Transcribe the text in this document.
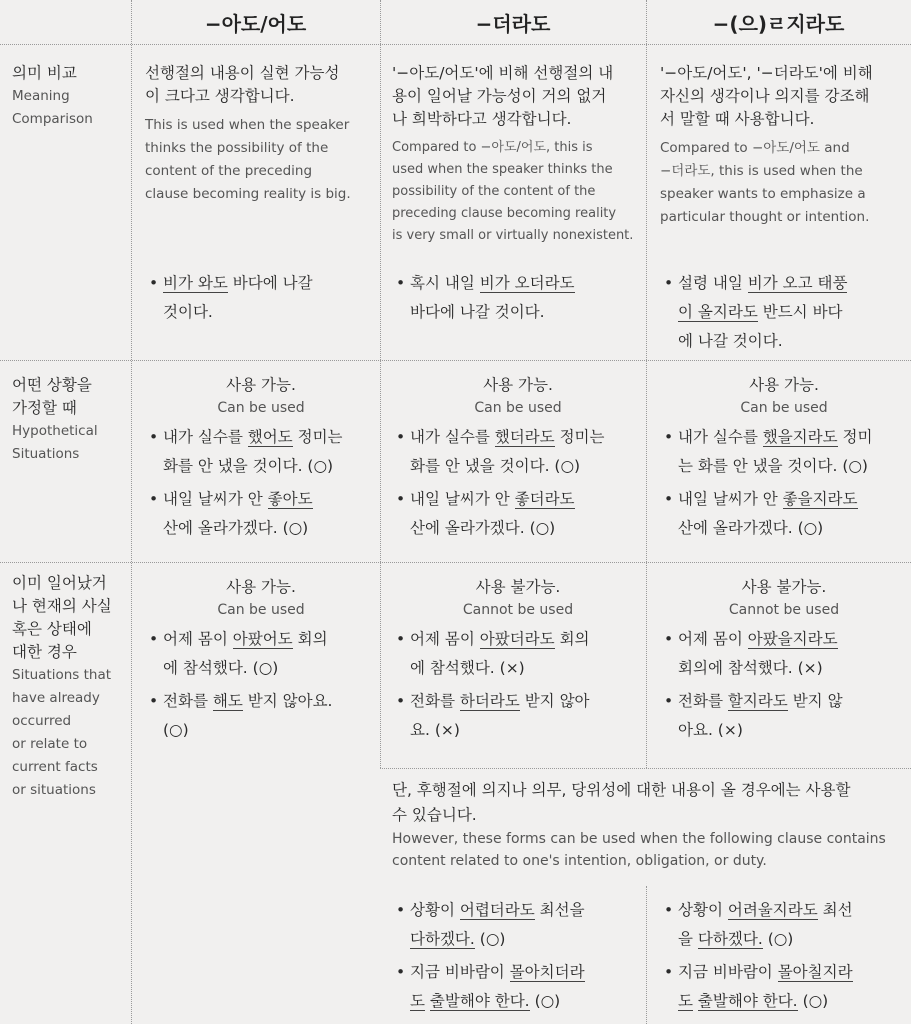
−아도/어도	−더라도	−(으)ㄹ지라도

의미 비교

Meaning

Comparison

선행절의 내용이 실현 가능성

이 크다고 생각합니다.

This is used when the speaker

thinks the possibility of the

content of the preceding

clause becoming reality is big.

• 비가 와도 바다에 나갈
것이다.

'−아도/어도'에 비해 선행절의 내

용이 일어날 가능성이 거의 없거

나 희박하다고 생각합니다.

Compared to −아도/어도, this is

used when the speaker thinks the

possibility of the content of the

preceding clause becoming reality

is very small or virtually nonexistent.

• 혹시 내일 비가 오더라도
바다에 나갈 것이다.

'−아도/어도', '−더라도'에 비해

자신의 생각이나 의지를 강조해

서 말할 때 사용합니다.

Compared to −아도/어도 and

−더라도, this is used when the

speaker wants to emphasize a

particular thought or intention.

• 설령 내일 비가 오고 태풍
이 올지라도 반드시 바다
에 나갈 것이다.

어떤 상황을

가정할 때

Hypothetical

Situations

사용 가능.

Can be used

• 내가 실수를 했어도 정미는
화를 안 냈을 것이다. (○)

• 내일 날씨가 안 좋아도
산에 올라가겠다. (○)

사용 가능.

Can be used

• 내가 실수를 했더라도 정미는
화를 안 냈을 것이다. (○)

• 내일 날씨가 안 좋더라도
산에 올라가겠다. (○)

사용 가능.

Can be used

• 내가 실수를 했을지라도 정미
는 화를 안 냈을 것이다. (○)

• 내일 날씨가 안 좋을지라도
산에 올라가겠다. (○)

이미 일어났거

나 현재의 사실

혹은 상태에

대한 경우

Situations that

have already

occurred

or relate to

current facts

or situations

사용 가능.

Can be used

• 어제 몸이 아팠어도 회의
에 참석했다. (○)

• 전화를 해도 받지 않아요.
(○)

사용 불가능.

Cannot be used

• 어제 몸이 아팠더라도 회의
에 참석했다. (×)

• 전화를 하더라도 받지 않아
요. (×)

사용 불가능.

Cannot be used

• 어제 몸이 아팠을지라도
회의에 참석했다. (×)

• 전화를 할지라도 받지 않
아요. (×)

단, 후행절에 의지나 의무, 당위성에 대한 내용이 올 경우에는 사용할

수 있습니다.

However, these forms can be used when the following clause contains

content related to one's intention, obligation, or duty.

• 상황이 어렵더라도 최선을
다하겠다. (○)

• 지금 비바람이 몰아치더라
도 출발해야 한다. (○)

• 상황이 어려울지라도 최선
을 다하겠다. (○)

• 지금 비바람이 몰아칠지라
도 출발해야 한다. (○)
